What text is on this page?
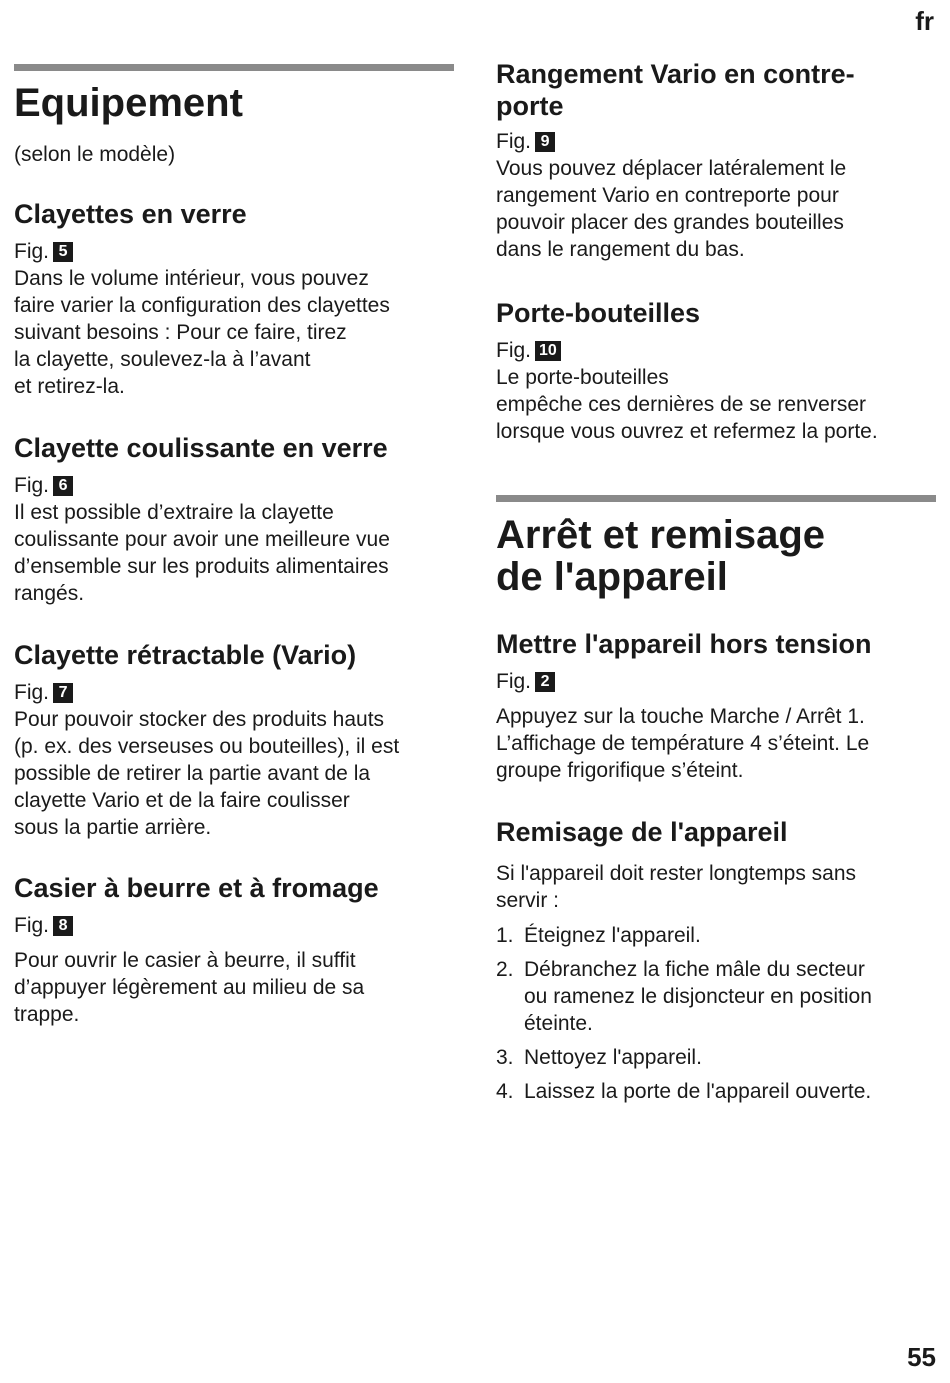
fr
Equipement
(selon le modèle)
Clayettes en verre
Fig. 5
Dans le volume intérieur, vous pouvez
faire varier la configuration des clayettes
suivant besoins : Pour ce faire, tirez
la clayette, soulevez-la à l’avant
et retirez-la.
Clayette coulissante en verre
Fig. 6
Il est possible d’extraire la clayette
coulissante pour avoir une meilleure vue
d’ensemble sur les produits alimentaires
rangés.
Clayette rétractable (Vario)
Fig. 7
Pour pouvoir stocker des produits hauts
(p. ex. des verseuses ou bouteilles), il est
possible de retirer la partie avant de la
clayette Vario et de la faire coulisser
sous la partie arrière.
Casier à beurre et à fromage
Fig. 8
Pour ouvrir le casier à beurre, il suffit
d’appuyer légèrement au milieu de sa
trappe.
Rangement Vario en contre-
porte
Fig. 9
Vous pouvez déplacer latéralement le
rangement Vario en contreporte pour
pouvoir placer des grandes bouteilles
dans le rangement du bas.
Porte-bouteilles
Fig. 10
Le porte-bouteilles
empêche ces dernières de se renverser
lorsque vous ouvrez et refermez la porte.
Arrêt et remisage
de l'appareil
Mettre l'appareil hors tension
Fig. 2
Appuyez sur la touche Marche / Arrêt 1.
L’affichage de température 4 s’éteint. Le
groupe frigorifique s’éteint.
Remisage de l'appareil
Si l'appareil doit rester longtemps sans
servir :
1. Éteignez l'appareil.
2. Débranchez la fiche mâle du secteur
ou ramenez le disjoncteur en position
éteinte.
3. Nettoyez l'appareil.
4. Laissez la porte de l'appareil ouverte.
55
